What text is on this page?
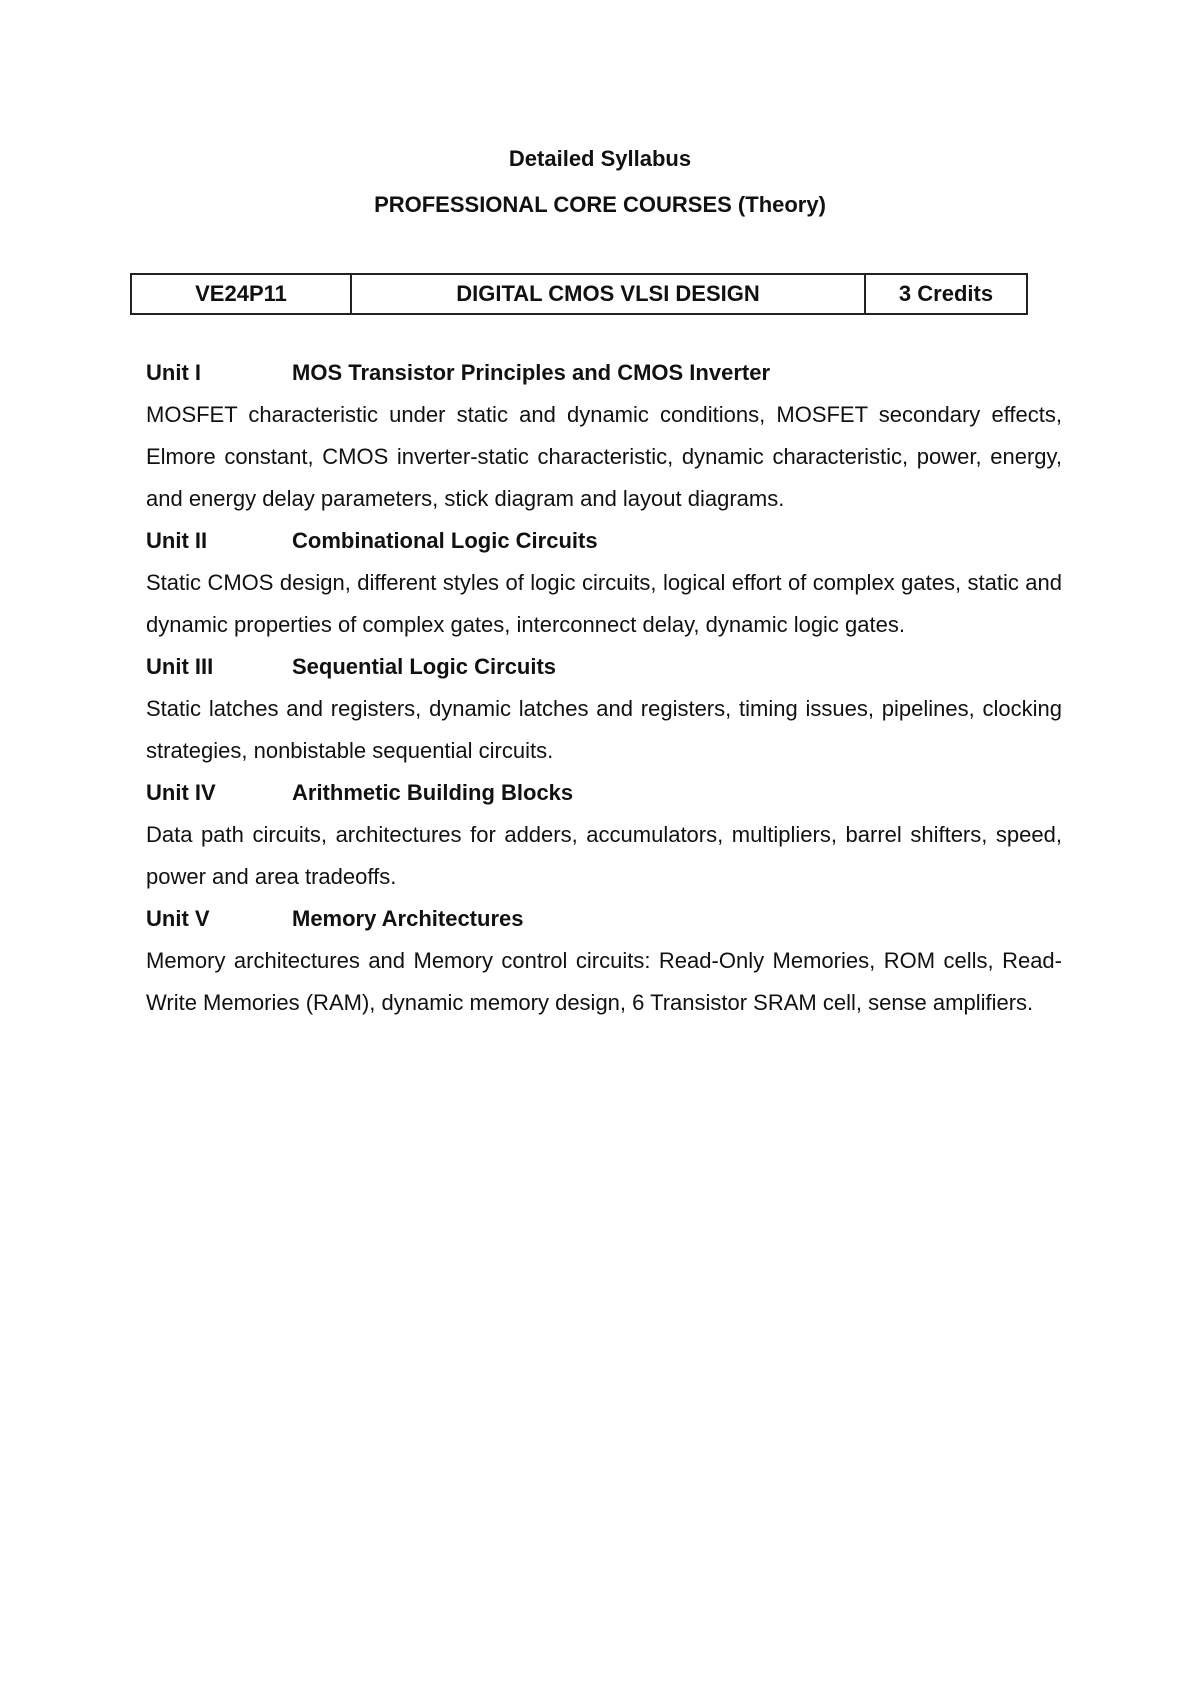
Detailed Syllabus
PROFESSIONAL CORE COURSES (Theory)
VE24P11	DIGITAL CMOS VLSI DESIGN	3 Credits
Unit I	MOS Transistor Principles and CMOS Inverter

MOSFET characteristic under static and dynamic conditions, MOSFET secondary effects, Elmore constant, CMOS inverter-static characteristic, dynamic characteristic, power, energy, and energy delay parameters, stick diagram and layout diagrams.

Unit II	Combinational Logic Circuits

Static CMOS design, different styles of logic circuits, logical effort of complex gates, static and dynamic properties of complex gates, interconnect delay, dynamic logic gates.

Unit III	Sequential Logic Circuits

Static latches and registers, dynamic latches and registers, timing issues, pipelines, clocking strategies, nonbistable sequential circuits.

Unit IV	Arithmetic Building Blocks

Data path circuits, architectures for adders, accumulators, multipliers, barrel shifters, speed, power and area tradeoffs.

Unit V	Memory Architectures

Memory architectures and Memory control circuits: Read-Only Memories, ROM cells, Read-Write Memories (RAM), dynamic memory design, 6 Transistor SRAM cell, sense amplifiers.
